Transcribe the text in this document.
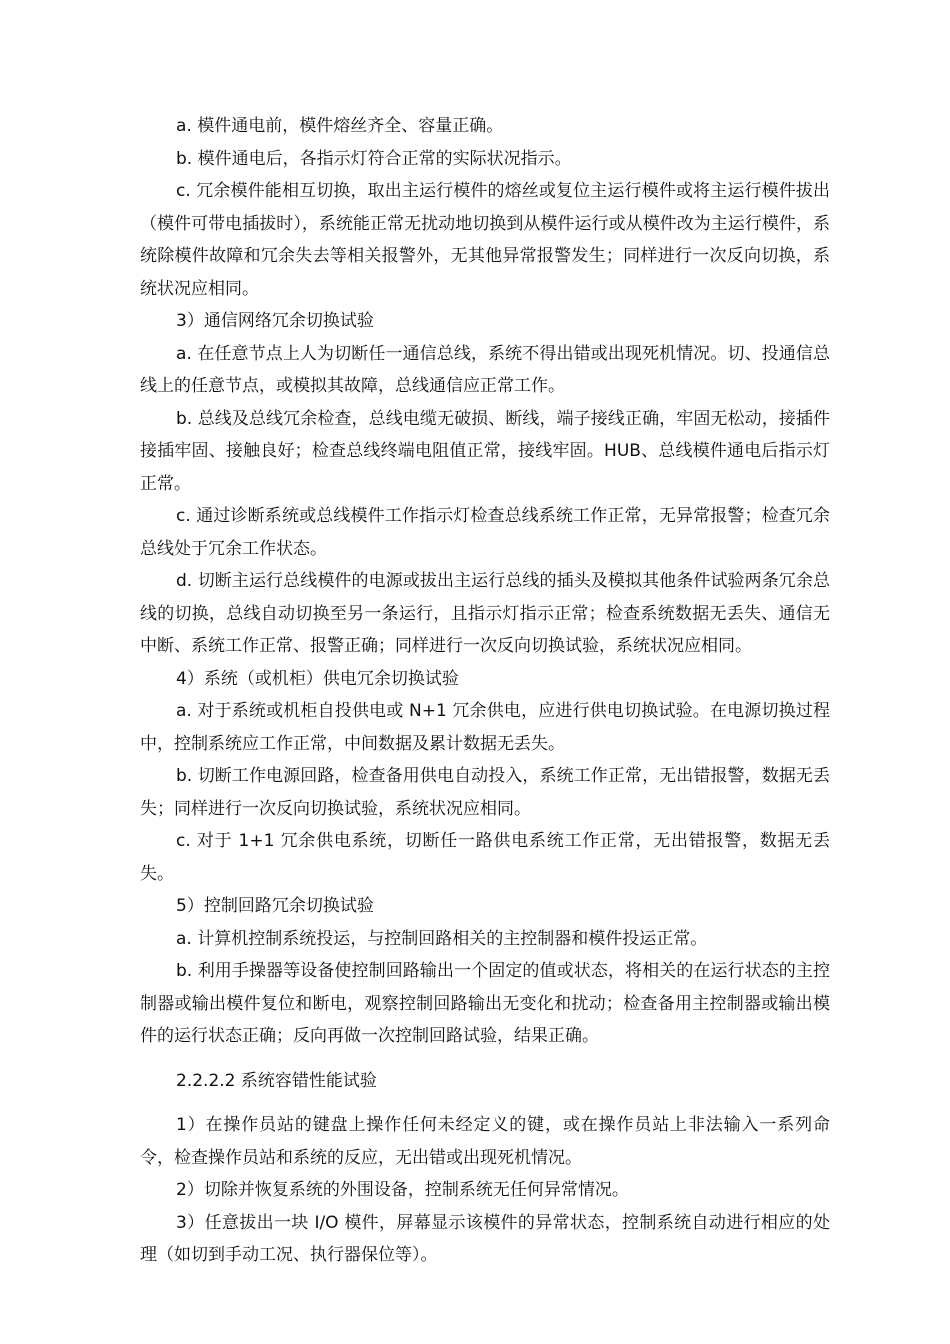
a. 模件通电前，模件熔丝齐全、容量正确。

b. 模件通电后，各指示灯符合正常的实际状况指示。

c. 冗余模件能相互切换，取出主运行模件的熔丝或复位主运行模件或将主运行模件拔出（模件可带电插拔时），系统能正常无扰动地切换到从模件运行或从模件改为主运行模件，系统除模件故障和冗余失去等相关报警外，无其他异常报警发生；同样进行一次反向切换，系统状况应相同。

3）通信网络冗余切换试验

a. 在任意节点上人为切断任一通信总线，系统不得出错或出现死机情况。切、投通信总线上的任意节点，或模拟其故障，总线通信应正常工作。

b. 总线及总线冗余检查，总线电缆无破损、断线，端子接线正确，牢固无松动，接插件接插牢固、接触良好；检查总线终端电阻值正常，接线牢固。HUB、总线模件通电后指示灯正常。

c. 通过诊断系统或总线模件工作指示灯检查总线系统工作正常，无异常报警；检查冗余总线处于冗余工作状态。

d. 切断主运行总线模件的电源或拔出主运行总线的插头及模拟其他条件试验两条冗余总线的切换，总线自动切换至另一条运行，且指示灯指示正常；检查系统数据无丢失、通信无中断、系统工作正常、报警正确；同样进行一次反向切换试验，系统状况应相同。

4）系统（或机柜）供电冗余切换试验

a. 对于系统或机柜自投供电或 N+1 冗余供电，应进行供电切换试验。在电源切换过程中，控制系统应工作正常，中间数据及累计数据无丢失。

b. 切断工作电源回路，检查备用供电自动投入，系统工作正常，无出错报警，数据无丢失；同样进行一次反向切换试验，系统状况应相同。

c. 对于 1+1 冗余供电系统，切断任一路供电系统工作正常，无出错报警，数据无丢失。

5）控制回路冗余切换试验

a. 计算机控制系统投运，与控制回路相关的主控制器和模件投运正常。

b. 利用手操器等设备使控制回路输出一个固定的值或状态，将相关的在运行状态的主控制器或输出模件复位和断电，观察控制回路输出无变化和扰动；检查备用主控制器或输出模件的运行状态正确；反向再做一次控制回路试验，结果正确。

2.2.2.2 系统容错性能试验

1）在操作员站的键盘上操作任何未经定义的键，或在操作员站上非法输入一系列命令，检查操作员站和系统的反应，无出错或出现死机情况。

2）切除并恢复系统的外围设备，控制系统无任何异常情况。

3）任意拔出一块 I/O 模件，屏幕显示该模件的异常状态，控制系统自动进行相应的处理（如切到手动工况、执行器保位等）。
